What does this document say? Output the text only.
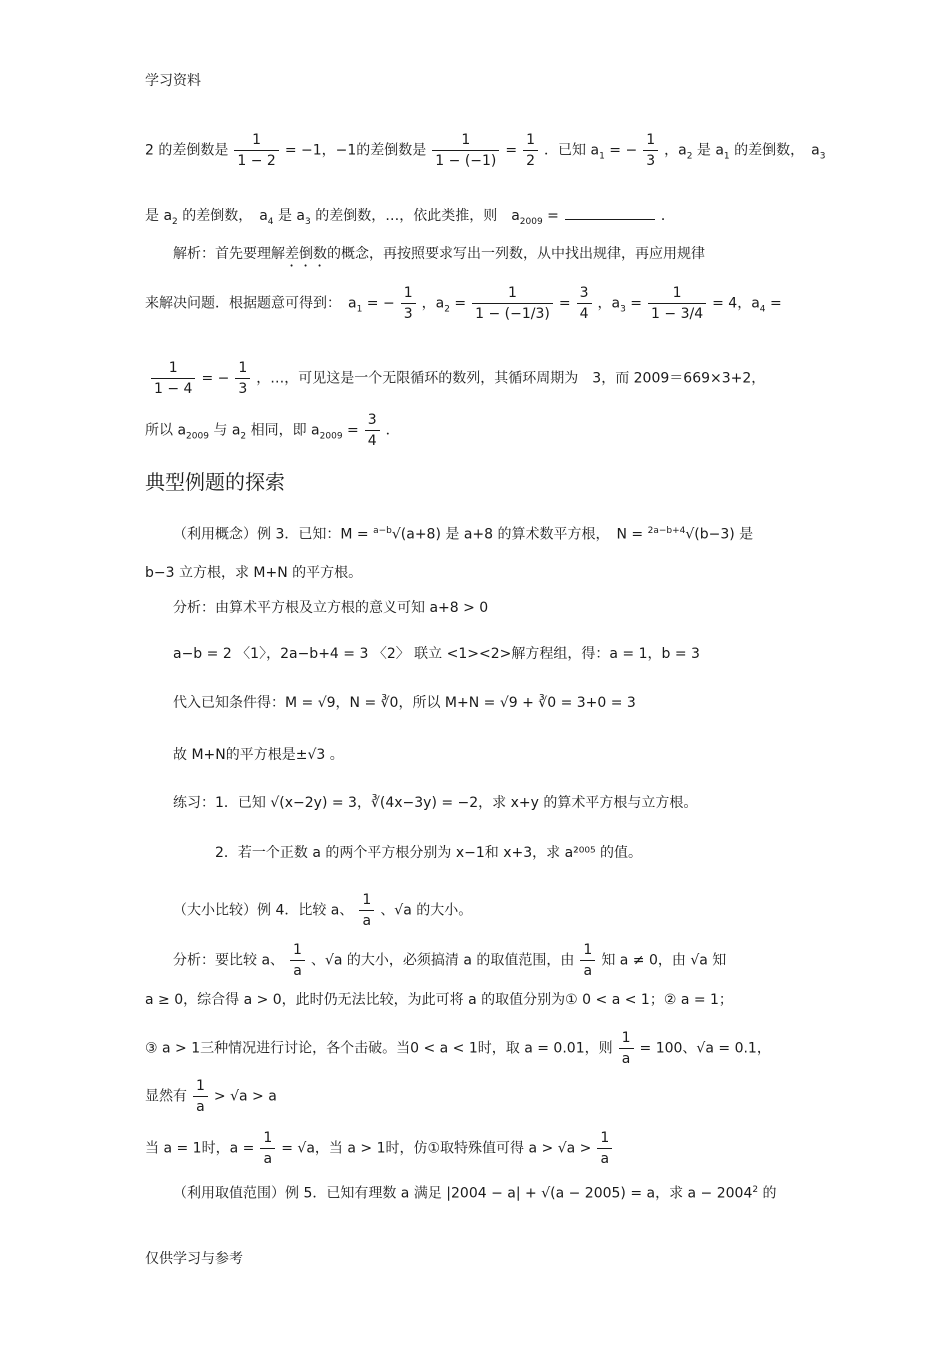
学习资料
2 的差倒数是 $\frac{1}{1 - 2} = -1$，−1的差倒数是 $\frac{1}{1 - (-1)} = \frac{1}{2}$ ．已知 $a_1$ = − $\frac{1}{3}$ ，$a_2$ 是 $a_1$ 的差倒数，　$a_3$
是 $a_2$ 的差倒数，　$a_4$ 是 $a_3$ 的差倒数，…，依此类推，则　$a_{2009}$ =	．
解析：首先要理解差倒数的概念，再按照要求写出一列数，从中找出规律，再应用规律
来解决问题．根据题意可得到：　$a_1$ = − $\frac{1}{3}$ ，$a_2 = \frac{1}{1 - (-1/3)} = \frac{3}{4}$ ，$a_3 = \frac{1}{1 - 3/4} = 4$，$a_4$ =
$\frac{1}{1 - 4}$ = − $\frac{1}{3}$ ，…，可见这是一个无限循环的数列，其循环周期为　3，而 2009＝669×3+2，
所以 $a_{2009}$ 与 $a_2$ 相同，即 $a_{2009} = \frac{3}{4}$ ．
典型例题的探索
（利用概念）例 3．已知：M = $^{a-b}$√(a+8) 是 a+8 的算术数平方根，　N = $^{2a-b+4}$√(b−3) 是
b−3 立方根，求 M+N 的平方根。
分析：由算术平方根及立方根的意义可知 a+8 > 0
a−b = 2 〈1〉，2a−b+4 = 3 〈2〉 联立 <1><2>解方程组，得：a = 1，b = 3
代入已知条件得：M = √9，N = ∛0，所以 M+N = √9 + ∛0 = 3+0 = 3
故 M+N的平方根是±√3 。
练习：1．已知 √(x−2y) = 3，∛(4x−3y) = −2，求 x+y 的算术平方根与立方根。
2．若一个正数 a 的两个平方根分别为 x−1和 x+3，求 a²⁰⁰⁵ 的值。
（大小比较）例 4．比较 a、 $\frac{1}{a}$ 、√a 的大小。
分析：要比较 a、 $\frac{1}{a}$ 、√a 的大小，必须搞清 a 的取值范围，由 $\frac{1}{a}$ 知 a ≠ 0，由 √a 知
a ≥ 0，综合得 a > 0，此时仍无法比较，为此可将 a 的取值分别为① 0 < a < 1；② a = 1；
③ a > 1三种情况进行讨论，各个击破。当0 < a < 1时，取 a = 0.01，则 $\frac{1}{a} = 100$、√a = 0.1，
显然有 $\frac{1}{a} > √a > a$
当 a = 1时，$a = \frac{1}{a} = √a$，当 a > 1时，仿①取特殊值可得 $a > √a > \frac{1}{a}$
（利用取值范围）例 5．已知有理数 a 满足 |2004 − a| + √(a − 2005) = a，求 $a - 2004^2$ 的
仅供学习与参考
